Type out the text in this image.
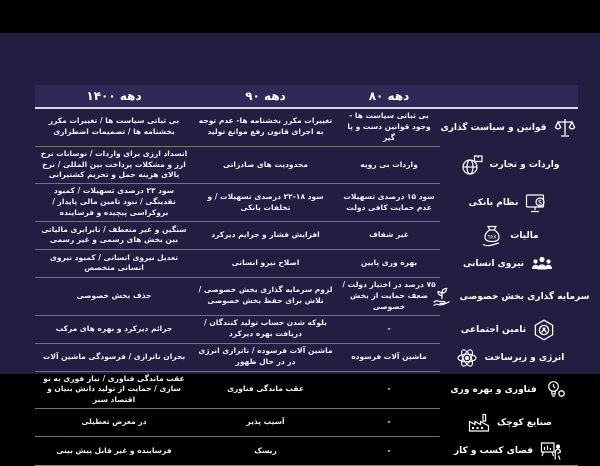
دهه ۸۰
دهه ۹۰
دهه ۱۴۰۰
قوانین و سیاست گذاری
بی ثباتی سیاست ها - وجود قوانین دست و پا گیر
تغییرات مکرر بخشنامه ها- عدم توجه به اجرای قانون رفع موانع تولید
بی ثباتی سیاست ها / تغییرات مکرر بخشنامه ها / تصمیمات اضطراری
واردات و تجارت
واردات بی رویه
محدودیت های صادراتی
انسداد ارزی برای واردات / نوسانات نرخ ارز و مشکلات پرداخت بین المللی / نرخ بالای هزینه حمل و تحریم کشتیرانی
$
نظام بانکی
سود ۱۵ درصدی تسهیلات عدم حمایت کافی دولت
سود ۱۸-۲۲ درصدی تسهیلات / و تخلفات بانکی
سود ۲۳ درصدی تسهیلات / کمبود نقدینگی / نبود تامین مالی پایدار / بروکراسی پیچیده و فرساینده
مالیات
TAX
غیر شفاف
افزایش فشار و جرایم دیرکرد
سنگین و غیر منعطف / نابرابری مالیاتی بین بخش های رسمی و غیر رسمی
نیروی انسانی
بهره وری پایین
اصلاح نیرو انسانی
تعدیل نیروی انسانی / کمبود نیروی انسانی متخصص
سرمایه گذاری بخش خصوصی
۷۵ درصد در اختیار دولت / ضعف حمایت از بخش خصوصی
لزوم سرمایه گذاری بخش خصوصی / تلاش برای حفظ بخش خصوصی
حذف بخش خصوصی
تامین اجتماعی
-
بلوکه شدن حساب تولید کنندگان / دریافت بهره دیرکرد
جرائم دیرکرد و بهره های مرکب
انرژی و زیرساخت
ماشین آلات فرسوده
ماشین آلات فرسوده / ناترازی انرژی در در حال ظهور
بحران ناترازی / فرسودگی ماشین آلات
فناوری و بهره وری
-
عقب ماندگی فناوری
عقب ماندگی فناوری / نیاز فوری به نو سازی / حمایت از تولید دانش بنیان و اقتصاد سبز
صنایع کوچک
-
آسیب پذیر
در معرض تعطیلی
فضای کسب و کار
-
ریسک
فرساینده و غیر قابل پیش بینی
